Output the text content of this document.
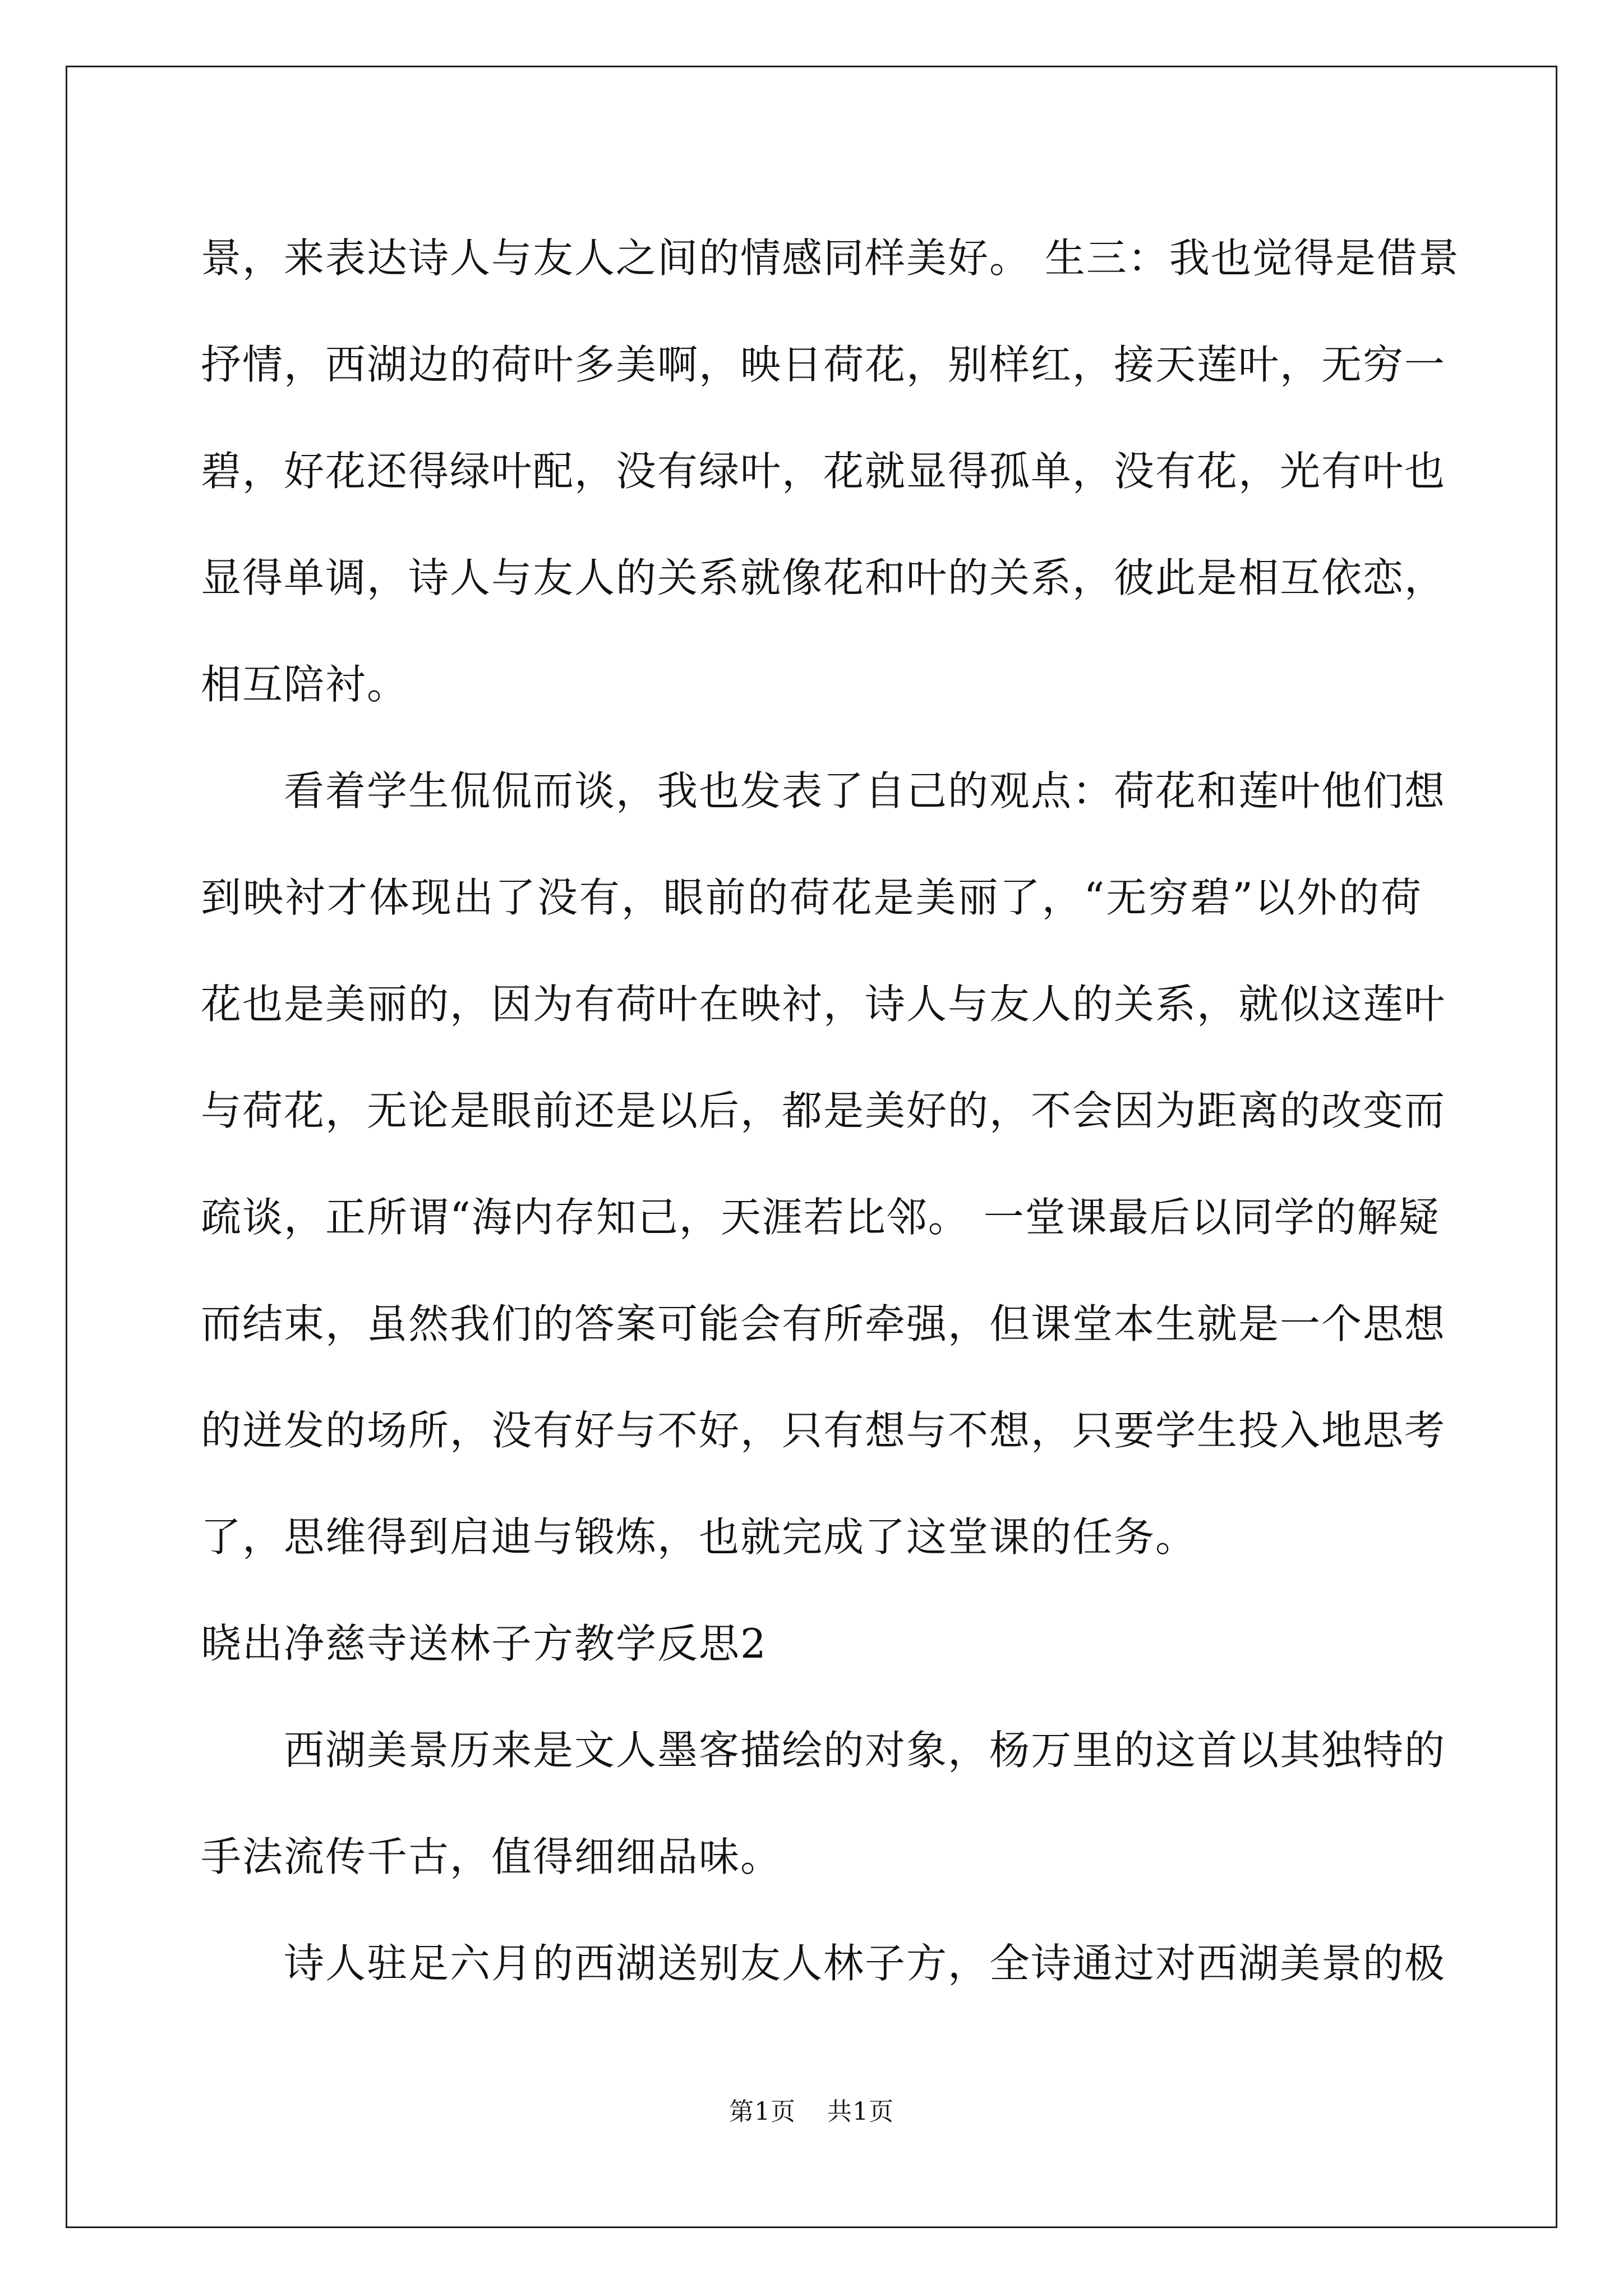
景，来表达诗人与友人之间的情感同样美好。 生三：我也觉得是借景
抒情，西湖边的荷叶多美啊，映日荷花，别样红，接天莲叶，无穷一
碧，好花还得绿叶配，没有绿叶，花就显得孤单，没有花，光有叶也
显得单调，诗人与友人的关系就像花和叶的关系，彼此是相互依恋，
相互陪衬。
看着学生侃侃而谈，我也发表了自己的观点：荷花和莲叶他们想
到映衬才体现出了没有，眼前的荷花是美丽了，“无穷碧”以外的荷
花也是美丽的，因为有荷叶在映衬，诗人与友人的关系，就似这莲叶
与荷花，无论是眼前还是以后，都是美好的，不会因为距离的改变而
疏谈，正所谓“海内存知己，天涯若比邻。 一堂课最后以同学的解疑
而结束，虽然我们的答案可能会有所牵强，但课堂本生就是一个思想
的迸发的场所，没有好与不好，只有想与不想，只要学生投入地思考
了，思维得到启迪与锻炼，也就完成了这堂课的任务。
晓出净慈寺送林子方教学反思2
西湖美景历来是文人墨客描绘的对象，杨万里的这首以其独特的
手法流传千古，值得细细品味。
诗人驻足六月的西湖送别友人林子方，全诗通过对西湖美景的极
第1页 共1页
